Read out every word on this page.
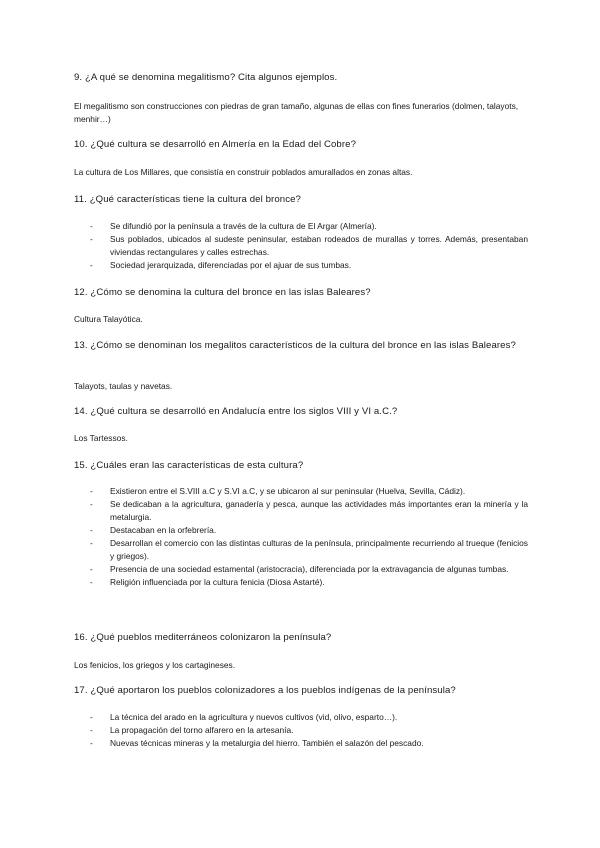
9. ¿A qué se denomina megalitismo? Cita algunos ejemplos.
El megalitismo son construcciones con piedras de gran tamaño, algunas de ellas con fines funerarios (dolmen, talayots, menhir…)
10. ¿Qué cultura se desarrolló en Almería en la Edad del Cobre?
La cultura de Los Millares, que consistía en construir poblados amurallados en zonas altas.
11. ¿Qué características tiene la cultura del bronce?
- Se difundió por la península a través de la cultura de El Argar (Almería).
- Sus poblados, ubicados al sudeste peninsular, estaban rodeados de murallas y torres. Además, presentaban viviendas rectangulares y calles estrechas.
- Sociedad jerarquizada, diferenciadas por el ajuar de sus tumbas.
12. ¿Cómo se denomina la cultura del bronce en las islas Baleares?
Cultura Talayótica.
13. ¿Cómo se denominan los megalitos característicos de la cultura del bronce en las islas Baleares?
Talayots, taulas y navetas.
14. ¿Qué cultura se desarrolló en Andalucía entre los siglos VIII y VI a.C.?
Los Tartessos.
15. ¿Cuáles eran las características de esta cultura?
- Existieron entre el S.VIII a.C y S.VI a.C, y se ubicaron al sur peninsular (Huelva, Sevilla, Cádiz).
- Se dedicaban a la agricultura, ganadería y pesca, aunque las actividades más importantes eran la minería y la metalurgia.
- Destacaban en la orfebrería.
- Desarrollan el comercio con las distintas culturas de la península, principalmente recurriendo al trueque (fenicios y griegos).
- Presencia de una sociedad estamental (aristocracia), diferenciada por la extravagancia de algunas tumbas.
- Religión influenciada por la cultura fenicia (Diosa Astarté).
16. ¿Qué pueblos mediterráneos colonizaron la península?
Los fenicios, los griegos y los cartagineses.
17. ¿Qué aportaron los pueblos colonizadores a los pueblos indígenas de la península?
- La técnica del arado en la agricultura y nuevos cultivos (vid, olivo, esparto…).
- La propagación del torno alfarero en la artesanía.
- Nuevas técnicas mineras y la metalurgia del hierro. También el salazón del pescado.
